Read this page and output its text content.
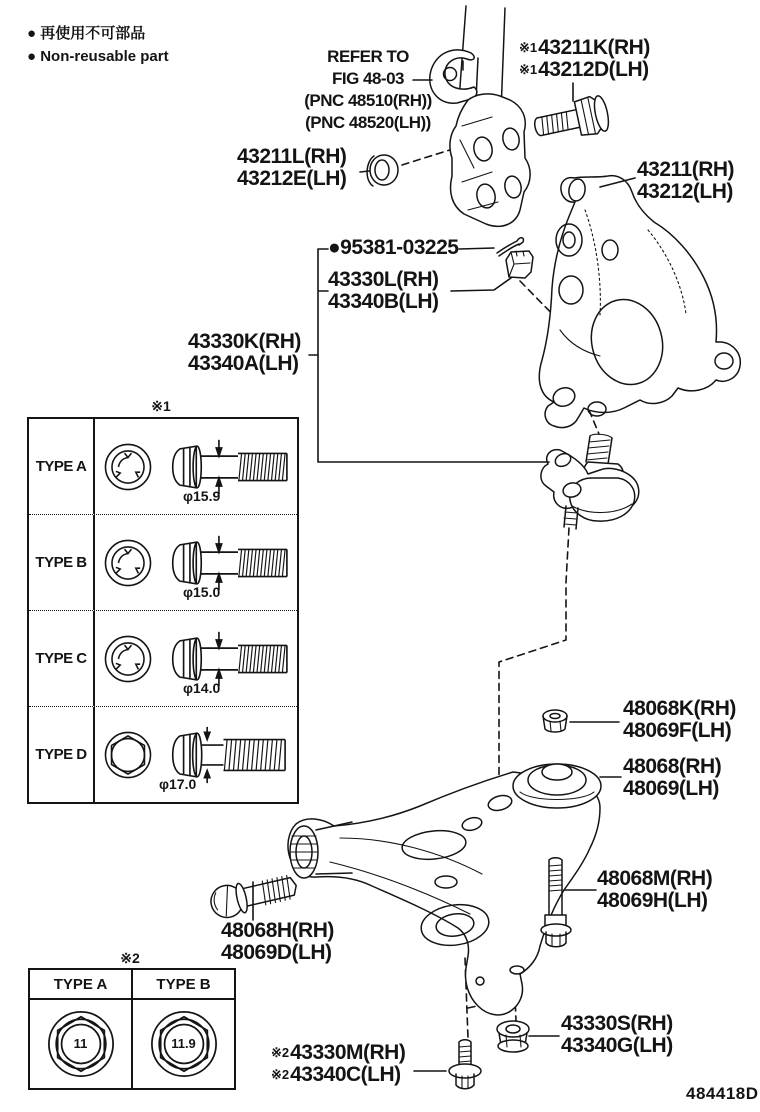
● 再使用不可部品
● Non-reusable part	REFER TO
FIG 48-03
(PNC 48510(RH))
(PNC 48520(LH))
43211L(RH)
43212E(LH)
※143211K(RH)
※143212D(LH)
43211(RH)
43212(LH)
●95381-03225
43330L(RH)
43340B(LH)
43330K(RH)
43340A(LH)
48068K(RH)
48069F(LH)
48068(RH)
48069(LH)
48068M(RH)
48069H(LH)
48068H(RH)
48069D(LH)
43330S(RH)
43340G(LH)
※243330M(RH)
※243340C(LH)
484418D
※1
TYPE A
φ15.9
TYPE B
φ15.0
TYPE C
φ14.0
TYPE D
φ17.0
※2
TYPE A	TYPE B
11	11.9
